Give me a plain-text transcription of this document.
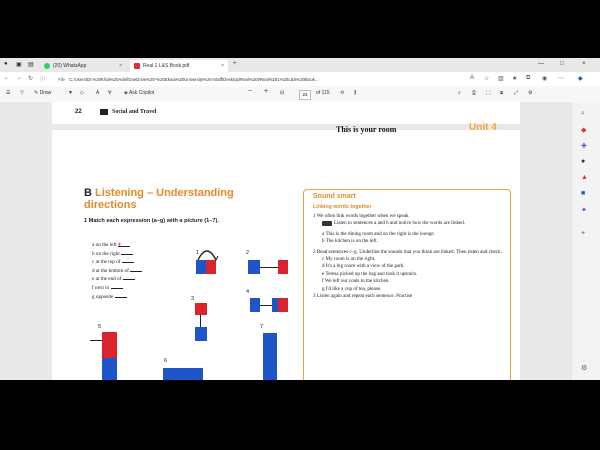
● ▣ ▤	(20) WhatsApp	×	Real 1 L&S Book.pdf	× +	—	□	×
← → ↻ ⓘ	File C:/Users/Dr.%20Khal%20Adel/OneDrive%20-%20Ekoia%20University%20-Staff/Desktop/Real%20I/Real%201%20L&S%20Book...	A ☆ ▥ ★ ⧉ ◉ ⋯ ◆
☰ ▽ ✎ Draw	▼ ◇ A Ɐ	◈ Ask Copilot	− + ⊟	24	of 115 ⟲ ⫼	⌕ ⎙ ⬚ ⧈ ⤢ ⚙
22	Social and Travel
This is your room	Unit 4
B Listening – Understanding directions
1 Match each expression (a–g) with a picture (1–7).
a on the left 4
b on the right
c at the top of
d at the bottom of
e at the end of
f next to
g opposite
1	2
3
4
5
6
7
Sound smart
Linking words together

1 We often link words together when we speak.

Listen to sentences a and b and notice how the words are linked.

a This is the dining room and on the right is the lounge.

b The kitchen is on the left.

2 Read sentences c–g. Underline the sounds that you think are linked. Then listen and check.

c My room is on the right.

d It's a big room with a view of the park.

e Teresa picked up the bag and took it upstairs.

f We left our coats in the kitchen.

g I'd like a cup of tea, please.

3 Listen again and repeat each sentence. Practise

⌕
◆
✚
●
▲
■
✦
+
⚙
